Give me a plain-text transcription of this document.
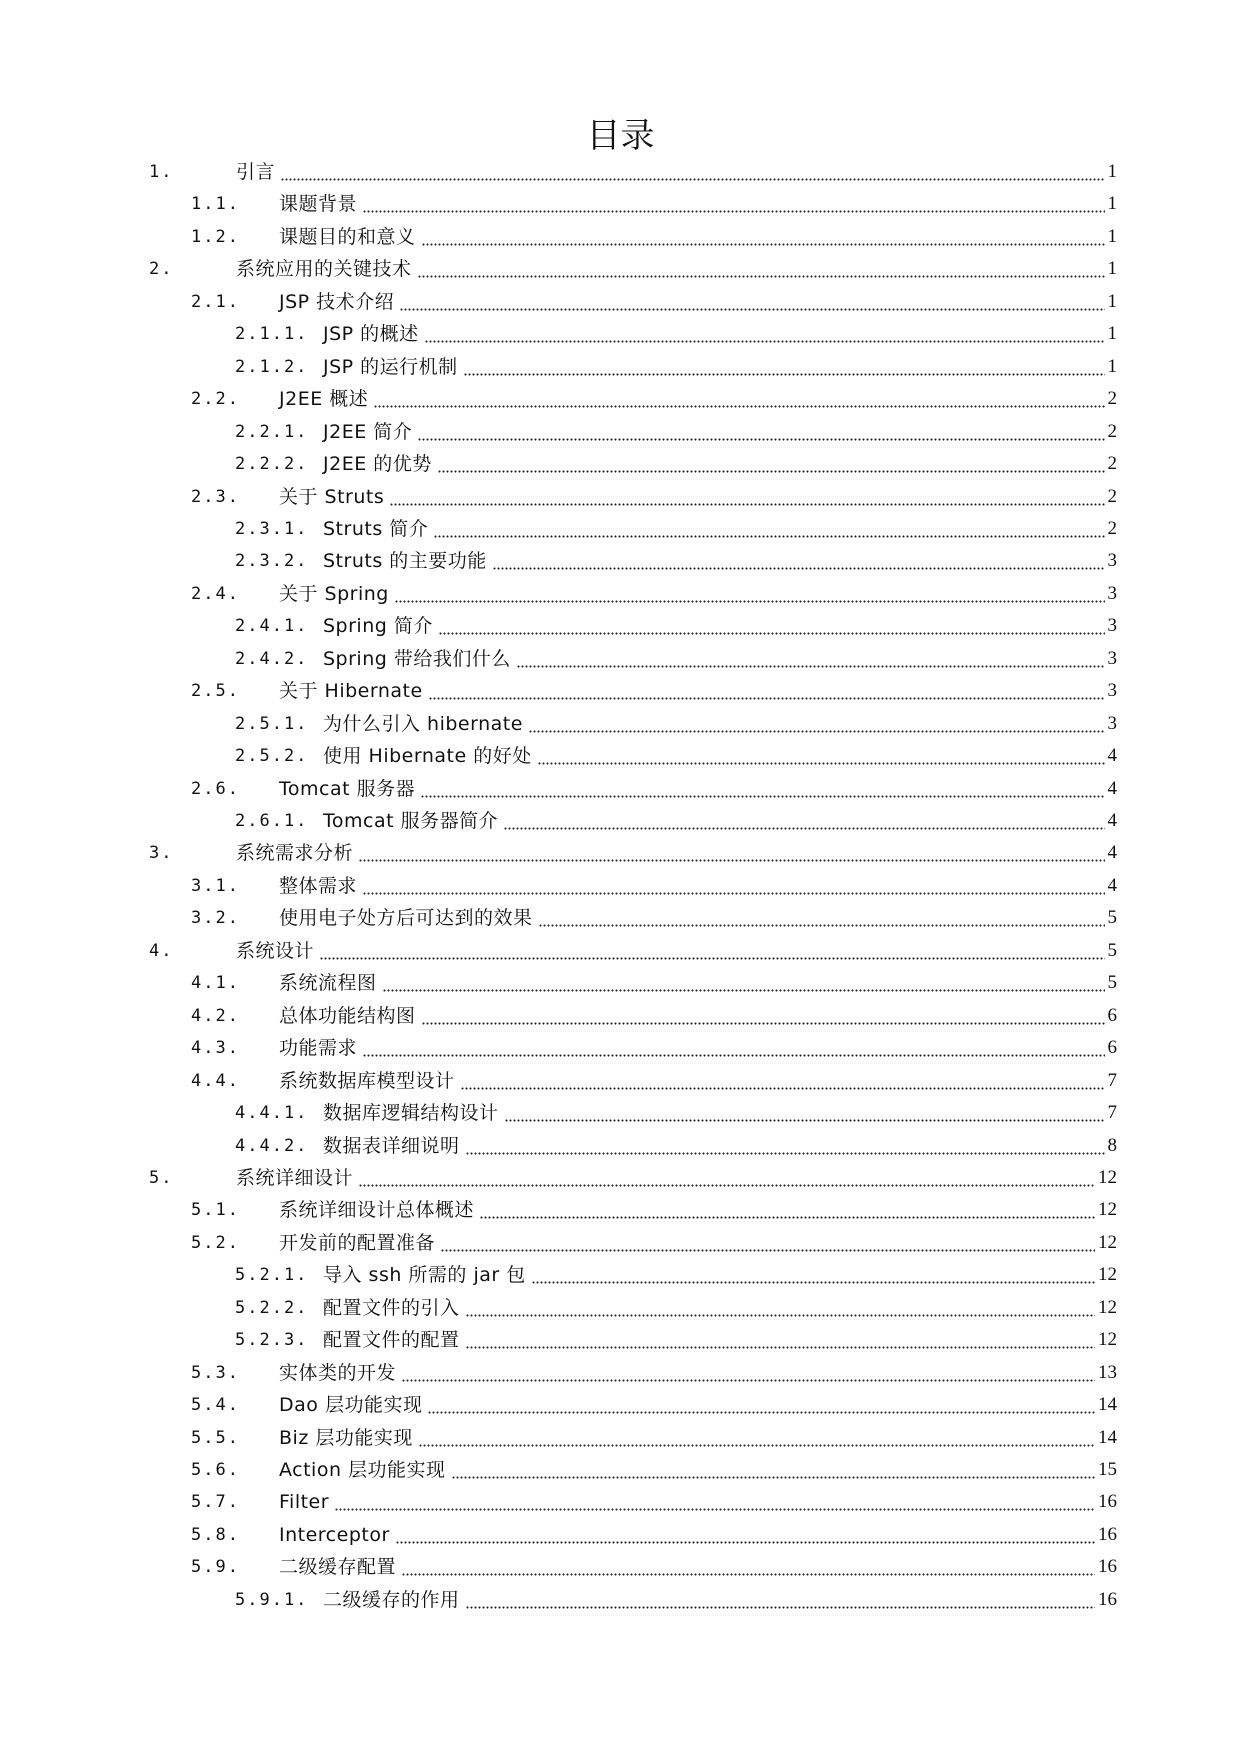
目录
1.	引言	1
1.1. 课题背景	1
1.2. 课题目的和意义	1
2.	系统应用的关键技术	1
2.1. JSP 技术介绍	1
2.1.1. JSP 的概述	1
2.1.2. JSP 的运行机制	1
2.2. J2EE 概述	2
2.2.1. J2EE 简介	2
2.2.2. J2EE 的优势	2
2.3. 关于 Struts	2
2.3.1. Struts 简介	2
2.3.2. Struts 的主要功能	3
2.4. 关于 Spring	3
2.4.1. Spring 简介	3
2.4.2. Spring 带给我们什么	3
2.5. 关于 Hibernate	3
2.5.1. 为什么引入 hibernate	3
2.5.2. 使用 Hibernate 的好处	4
2.6. Tomcat 服务器	4
2.6.1. Tomcat 服务器简介	4
3.	系统需求分析	4
3.1. 整体需求	4
3.2. 使用电子处方后可达到的效果	5
4.	系统设计	5
4.1. 系统流程图	5
4.2. 总体功能结构图	6
4.3. 功能需求	6
4.4. 系统数据库模型设计	7
4.4.1. 数据库逻辑结构设计	7
4.4.2. 数据表详细说明	8
5.	系统详细设计	12
5.1. 系统详细设计总体概述	12
5.2. 开发前的配置准备	12
5.2.1. 导入 ssh 所需的 jar 包	12
5.2.2. 配置文件的引入	12
5.2.3. 配置文件的配置	12
5.3. 实体类的开发	13
5.4. Dao 层功能实现	14
5.5. Biz 层功能实现	14
5.6. Action 层功能实现	15
5.7. Filter	16
5.8. Interceptor	16
5.9. 二级缓存配置	16
5.9.1. 二级缓存的作用	16
